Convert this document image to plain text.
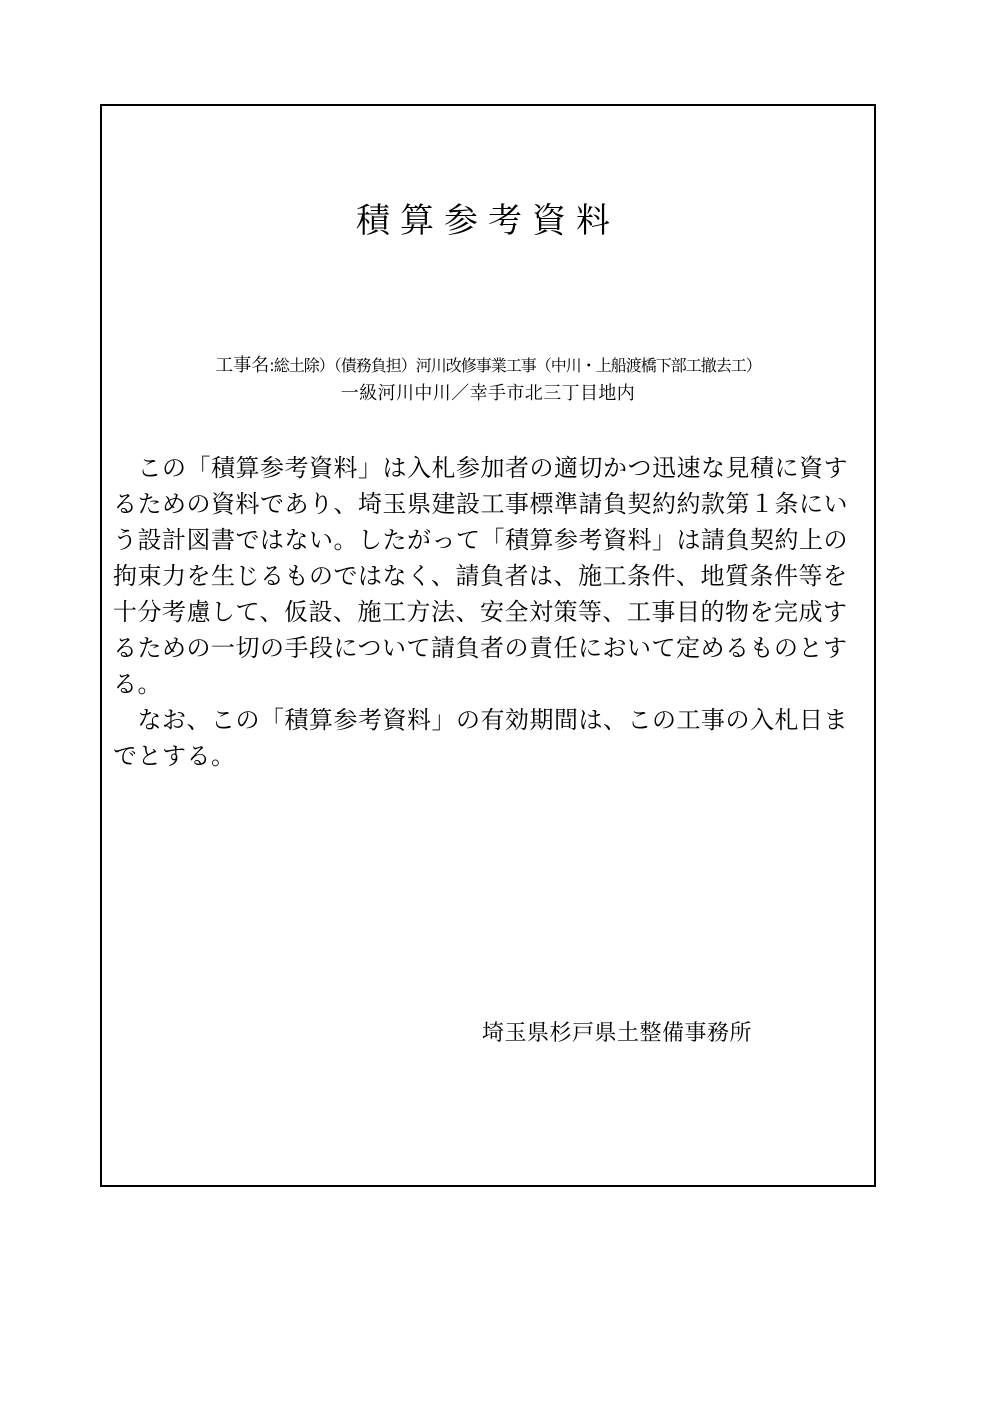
積算参考資料
工事名:総土除）（債務負担）河川改修事業工事（中川・上船渡橋下部工撤去工）
一級河川中川／幸手市北三丁目地内

　この「積算参考資料」は入札参加者の適切かつ迅速な見積に資するための資料であり、埼玉県建設工事標準請負契約約款第１条にいう設計図書ではない。したがって「積算参考資料」は請負契約上の拘束力を生じるものではなく、請負者は、施工条件、地質条件等を十分考慮して、仮設、施工方法、安全対策等、工事目的物を完成するための一切の手段について請負者の責任において定めるものとする。

　なお、この「積算参考資料」の有効期間は、この工事の入札日までとする。

埼玉県杉戸県土整備事務所
